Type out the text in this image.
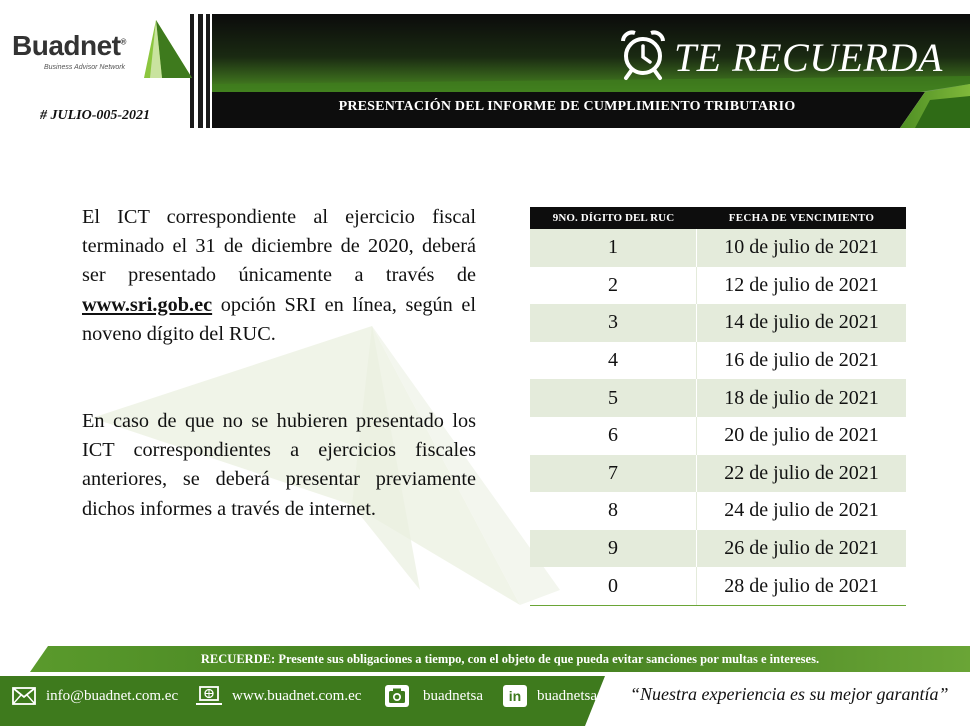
Buadnet®
Business Advisor Network
# JULIO-005-2021
TE RECUERDA
PRESENTACIÓN DEL INFORME DE CUMPLIMIENTO TRIBUTARIO

El ICT correspondiente al ejercicio fiscal terminado el 31 de diciembre de 2020, deberá ser presentado únicamente a través de www.sri.gob.ec opción SRI en línea, según el noveno dígito del RUC.

En caso de que no se hubieren presentado los ICT correspondientes a ejercicios fiscales anteriores, se deberá presentar previamente dichos informes a través de internet.

9NO. DÍGITO DEL RUC	FECHA DE VENCIMIENTO
1	10 de julio de 2021
2	12 de julio de 2021
3	14 de julio de 2021
4	16 de julio de 2021
5	18 de julio de 2021
6	20 de julio de 2021
7	22 de julio de 2021
8	24 de julio de 2021
9	26 de julio de 2021
0	28 de julio de 2021
RECUERDE: Presente sus obligaciones a tiempo, con el objeto de que pueda evitar sanciones por multas e intereses.
info@buadnet.com.ec	www.buadnet.com.ec	buadnetsa	in	buadnetsa “Nuestra experiencia es su mejor garantía”
